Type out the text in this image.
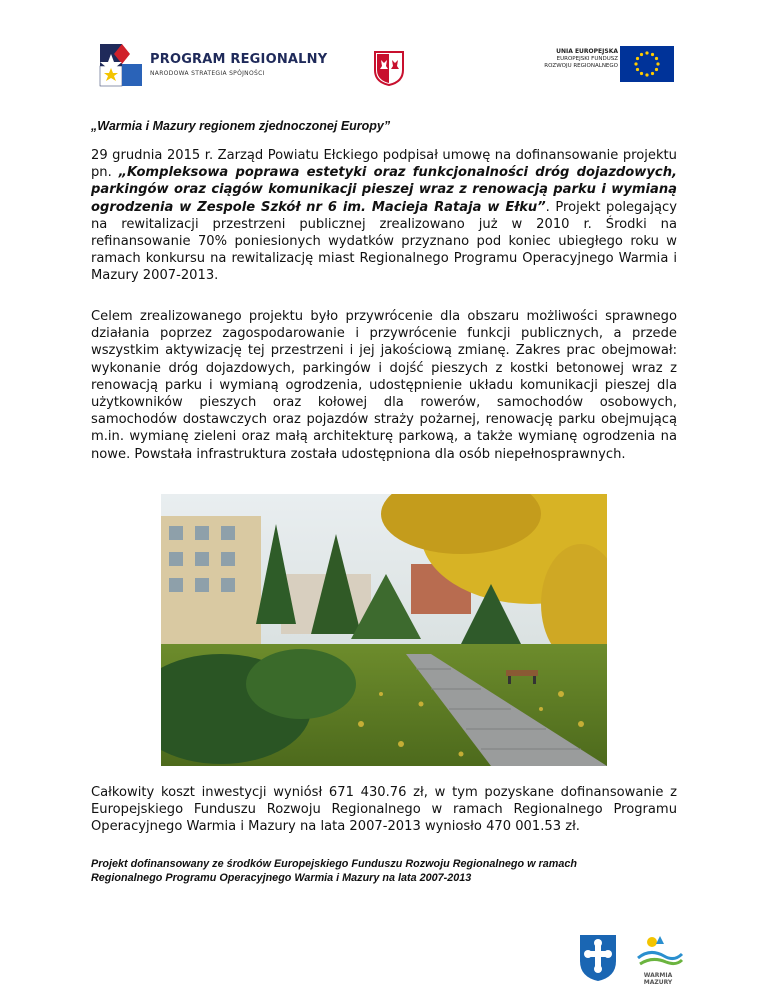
PROGRAM REGIONALNY
NARODOWA STRATEGIA SPÓJNOŚCI
UNIA EUROPEJSKA
EUROPEJSKI FUNDUSZ
ROZWOJU REGIONALNEGO
„Warmia i Mazury regionem zjednoczonej Europy”
29 grudnia 2015 r. Zarząd Powiatu Ełckiego podpisał umowę na dofinansowanie projektu pn. „Kompleksowa poprawa estetyki oraz funkcjonalności dróg dojazdowych, parkingów oraz ciągów komunikacji pieszej wraz z renowacją parku i wymianą ogrodzenia w Zespole Szkół nr 6 im. Macieja Rataja w Ełku”. Projekt polegający na rewitalizacji przestrzeni publicznej zrealizowano już w 2010 r. Środki na refinansowanie 70% poniesionych wydatków przyznano pod koniec ubiegłego roku w ramach konkursu na rewitalizację miast Regionalnego Programu Operacyjnego Warmia i Mazury 2007-2013.
Celem zrealizowanego projektu było przywrócenie dla obszaru możliwości sprawnego działania poprzez zagospodarowanie i przywrócenie funkcji publicznych, a przede wszystkim aktywizację tej przestrzeni i jej jakościową zmianę. Zakres prac obejmował: wykonanie dróg dojazdowych, parkingów i dojść pieszych z kostki betonowej wraz z renowacją parku i wymianą ogrodzenia, udostępnienie układu komunikacji pieszej dla użytkowników pieszych oraz kołowej dla rowerów, samochodów osobowych, samochodów dostawczych oraz pojazdów straży pożarnej, renowację parku obejmującą m.in. wymianę zieleni oraz małą architekturę parkową, a także wymianę ogrodzenia na nowe. Powstała infrastruktura została udostępniona dla osób niepełnosprawnych.
Całkowity koszt inwestycji wyniósł 671 430.76 zł, w tym pozyskane dofinansowanie z Europejskiego Funduszu Rozwoju Regionalnego w ramach Regionalnego Programu Operacyjnego Warmia i Mazury na lata 2007-2013 wyniosło 470 001.53 zł.
Projekt dofinansowany ze środków Europejskiego Funduszu Rozwoju Regionalnego w ramach
Regionalnego Programu Operacyjnego Warmia i Mazury na lata 2007-2013
WARMIA
MAZURY
